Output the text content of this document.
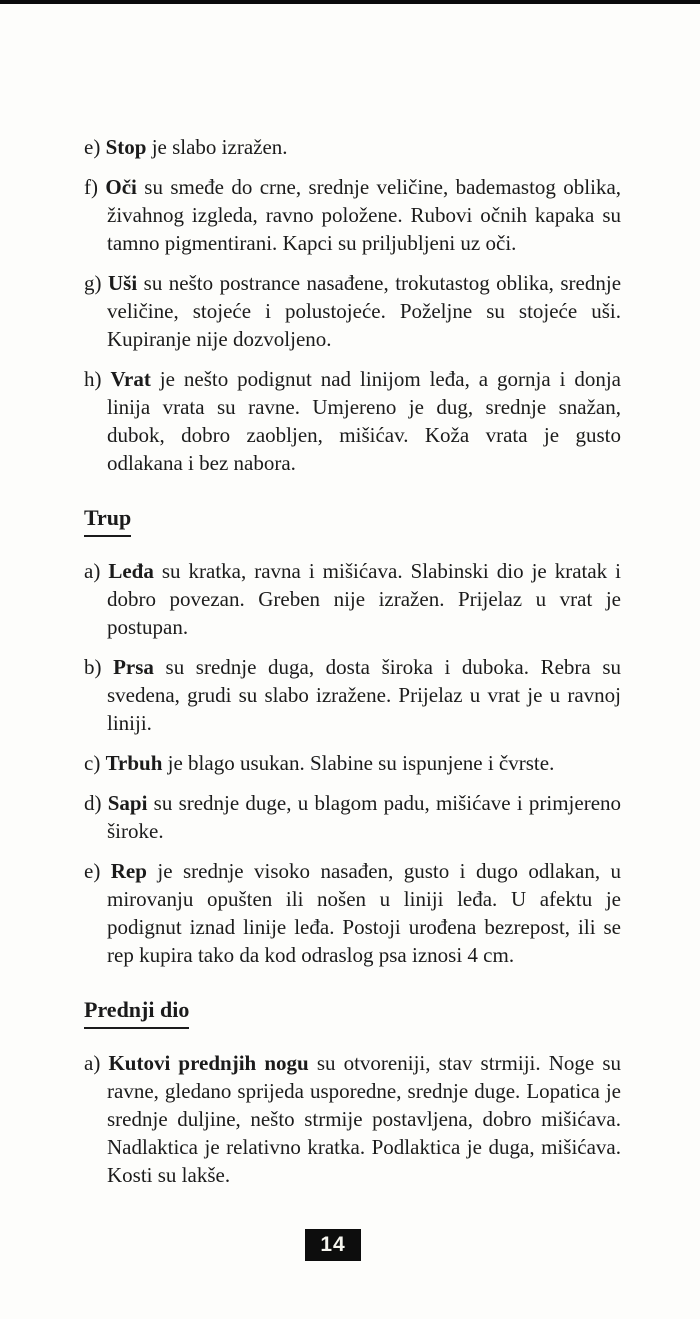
e) Stop je slabo izražen.

f) Oči su smeđe do crne, srednje veličine, bademastog oblika, živahnog izgleda, ravno položene. Rubovi očnih kapaka su tamno pigmentirani. Kapci su priljubljeni uz oči.

g) Uši su nešto postrance nasađene, trokutastog oblika, srednje veličine, stojeće i polustojeće. Poželjne su stojeće uši. Kupiranje nije dozvoljeno.

h) Vrat je nešto podignut nad linijom leđa, a gornja i donja linija vrata su ravne. Umjereno je dug, srednje snažan, dubok, dobro zaobljen, mišićav. Koža vrata je gusto odlakana i bez nabora.

Trup

a) Leđa su kratka, ravna i mišićava. Slabinski dio je kratak i dobro povezan. Greben nije izražen. Prijelaz u vrat je postupan.

b) Prsa su srednje duga, dosta široka i duboka. Rebra su svedena, grudi su slabo izražene. Prijelaz u vrat je u ravnoj liniji.

c) Trbuh je blago usukan. Slabine su ispunjene i čvrste.

d) Sapi su srednje duge, u blagom padu, mišićave i primjereno široke.

e) Rep je srednje visoko nasađen, gusto i dugo odlakan, u mirovanju opušten ili nošen u liniji leđa. U afektu je podignut iznad linije leđa. Postoji urođena bezrepost, ili se rep kupira tako da kod odraslog psa iznosi 4 cm.

Prednji dio

a) Kutovi prednjih nogu su otvoreniji, stav strmiji. Noge su ravne, gledano sprijeda usporedne, srednje duge. Lopatica je srednje duljine, nešto strmije postavljena, dobro mišićava. Nadlaktica je relativno kratka. Podlaktica je duga, mišićava. Kosti su lakše.

14
